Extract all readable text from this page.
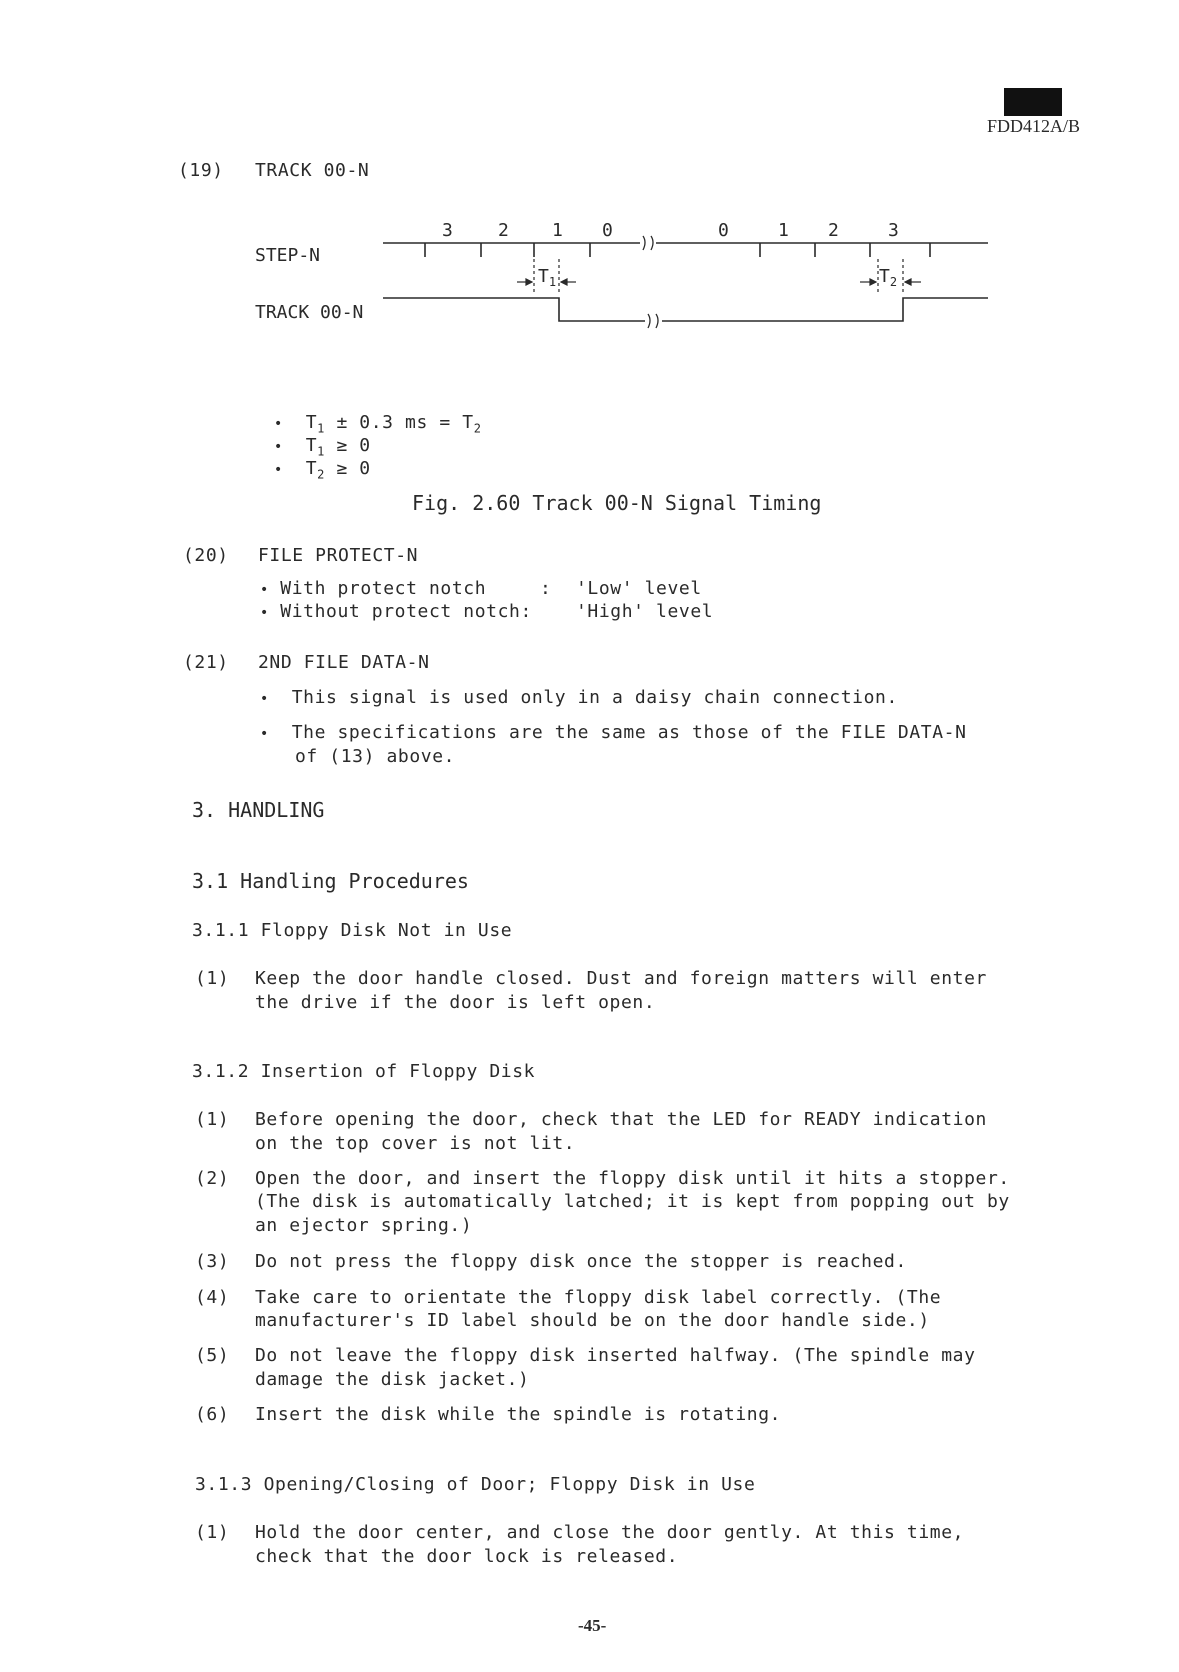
FDD412A/B
(19) TRACK 00-N
STEP-N
TRACK 00-N
3	2 1 0	0	1 2	3
$T_1$	$T_2$
• $T_1 \pm 0.3$ ms = $T_2$
• $T_1 \ge 0$
• $T_2 \ge 0$
Fig. 2.60 Track 00-N Signal Timing
(20) FILE PROTECT-N
• With protect notch	: 'Low' level
• Without protect notch: 'High' level
(21) 2ND FILE DATA-N
• This signal is used only in a daisy chain connection.
• The specifications are the same as those of the FILE DATA-N
of (13) above.
3. HANDLING
3.1 Handling Procedures
3.1.1 Floppy Disk Not in Use
(1) Keep the door handle closed. Dust and foreign matters will enter
the drive if the door is left open.
3.1.2 Insertion of Floppy Disk
(1) Before opening the door, check that the LED for READY indication
on the top cover is not lit.
(2) Open the door, and insert the floppy disk until it hits a stopper.
(The disk is automatically latched; it is kept from popping out by
an ejector spring.)
(3) Do not press the floppy disk once the stopper is reached.
(4) Take care to orientate the floppy disk label correctly. (The
manufacturer's ID label should be on the door handle side.)
(5) Do not leave the floppy disk inserted halfway. (The spindle may
damage the disk jacket.)
(6) Insert the disk while the spindle is rotating.
3.1.3 Opening/Closing of Door; Floppy Disk in Use
(1) Hold the door center, and close the door gently. At this time,
check that the door lock is released.
-45-
